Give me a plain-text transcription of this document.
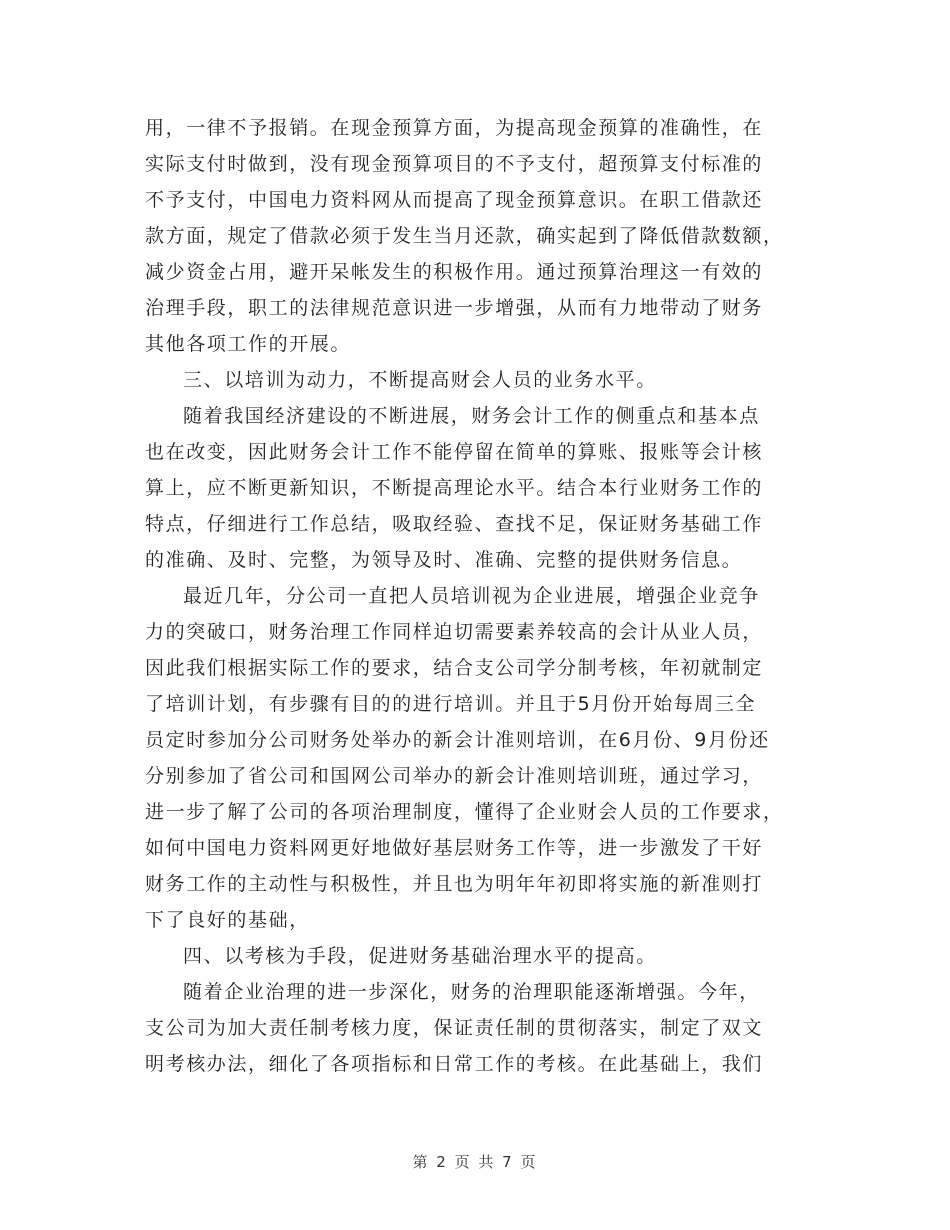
用，一律不予报销。在现金预算方面，为提高现金预算的准确性，在
实际支付时做到，没有现金预算项目的不予支付，超预算支付标准的
不予支付，中国电力资料网从而提高了现金预算意识。在职工借款还
款方面，规定了借款必须于发生当月还款，确实起到了降低借款数额，
减少资金占用，避开呆帐发生的积极作用。通过预算治理这一有效的
治理手段，职工的法律规范意识进一步增强，从而有力地带动了财务
其他各项工作的开展。
三、以培训为动力，不断提高财会人员的业务水平。
随着我国经济建设的不断进展，财务会计工作的侧重点和基本点
也在改变，因此财务会计工作不能停留在简单的算账、报账等会计核
算上，应不断更新知识，不断提高理论水平。结合本行业财务工作的
特点，仔细进行工作总结，吸取经验、查找不足，保证财务基础工作
的准确、及时、完整，为领导及时、准确、完整的提供财务信息。
最近几年，分公司一直把人员培训视为企业进展，增强企业竞争
力的突破口，财务治理工作同样迫切需要素养较高的会计从业人员，
因此我们根据实际工作的要求，结合支公司学分制考核，年初就制定
了培训计划，有步骤有目的的进行培训。并且于5月份开始每周三全
员定时参加分公司财务处举办的新会计准则培训，在6月份、9月份还
分别参加了省公司和国网公司举办的新会计准则培训班，通过学习，
进一步了解了公司的各项治理制度，懂得了企业财会人员的工作要求，
如何中国电力资料网更好地做好基层财务工作等，进一步激发了干好
财务工作的主动性与积极性，并且也为明年年初即将实施的新准则打
下了良好的基础，
四、以考核为手段，促进财务基础治理水平的提高。
随着企业治理的进一步深化，财务的治理职能逐渐增强。今年，
支公司为加大责任制考核力度，保证责任制的贯彻落实，制定了双文
明考核办法，细化了各项指标和日常工作的考核。在此基础上，我们
第 2 页 共 7 页
